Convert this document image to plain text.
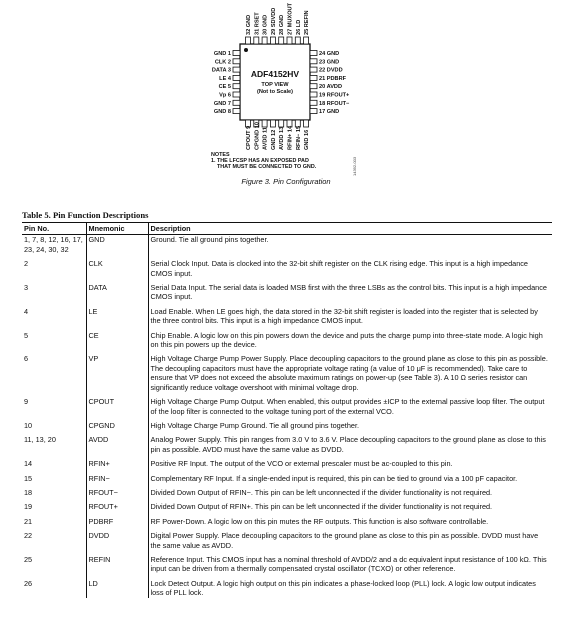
ADF4152HV
TOP VIEW
(Not to Scale)
GND 1
CLK 2
DATA 3
LE 4
CE 5
Vp 6
GND 7
GND 8
24 GND
23 GND
22 DVDD
21 PDBRF
20 AVDD
19 RFOUT+
18 RFOUT−
17 GND
32 GND 31 RSET 30 GND 29 SDVDD 28 GND 27 MUXOUT 26 LD 25 REFIN
CPOUT 9 CPGND 10 AVDD 11 GND 12 AVDD 13 RFIN+ 14 RFIN− 15 GND 16
NOTES
1. THE LFCSP HAS AN EXPOSED PAD
THAT MUST BE CONNECTED TO GND.	14392-003
Figure 3. Pin Configuration
Table 5. Pin Function Descriptions
Pin No.	Mnemonic	Description
1, 7, 8, 12, 16, 17, 23, 24, 30, 32	GND	Ground. Tie all ground pins together.
2	CLK	Serial Clock Input. Data is clocked into the 32-bit shift register on the CLK rising edge. This input is a high impedance CMOS input.
3	DATA	Serial Data Input. The serial data is loaded MSB first with the three LSBs as the control bits. This input is a high impedance CMOS input.
4	LE	Load Enable. When LE goes high, the data stored in the 32-bit shift register is loaded into the register that is selected by the three control bits. This input is a high impedance CMOS input.
5	CE	Chip Enable. A logic low on this pin powers down the device and puts the charge pump into three-state mode. A logic high on this pin powers up the device.
6	VP	High Voltage Charge Pump Power Supply. Place decoupling capacitors to the ground plane as close to this pin as possible. The decoupling capacitors must have the appropriate voltage rating (a value of 10 μF is recommended). Take care to ensure that VP does not exceed the absolute maximum ratings on power-up (see Table 3). A 10 Ω series resistor can significantly reduce voltage overshoot with minimal voltage drop.
9	CPOUT	High Voltage Charge Pump Output. When enabled, this output provides ±ICP to the external passive loop filter. The output of the loop filter is connected to the voltage tuning port of the external VCO.
10	CPGND	High Voltage Charge Pump Ground. Tie all ground pins together.
11, 13, 20	AVDD	Analog Power Supply. This pin ranges from 3.0 V to 3.6 V. Place decoupling capacitors to the ground plane as close to this pin as possible. AVDD must have the same value as DVDD.
14	RFIN+	Positive RF Input. The output of the VCO or external prescaler must be ac-coupled to this pin.
15	RFIN−	Complementary RF Input. If a single-ended input is required, this pin can be tied to ground via a 100 pF capacitor.
18	RFOUT−	Divided Down Output of RFIN−. This pin can be left unconnected if the divider functionality is not required.
19	RFOUT+	Divided Down Output of RFIN+. This pin can be left unconnected if the divider functionality is not required.
21	PDBRF	RF Power-Down. A logic low on this pin mutes the RF outputs. This function is also software controllable.
22	DVDD	Digital Power Supply. Place decoupling capacitors to the ground plane as close to this pin as possible. DVDD must have the same value as AVDD.
25	REFIN	Reference Input. This CMOS input has a nominal threshold of AVDD/2 and a dc equivalent input resistance of 100 kΩ. This input can be driven from a thermally compensated crystal oscillator (TCXO) or other reference.
26	LD	Lock Detect Output. A logic high output on this pin indicates a phase-locked loop (PLL) lock. A logic low output indicates loss of PLL lock.
